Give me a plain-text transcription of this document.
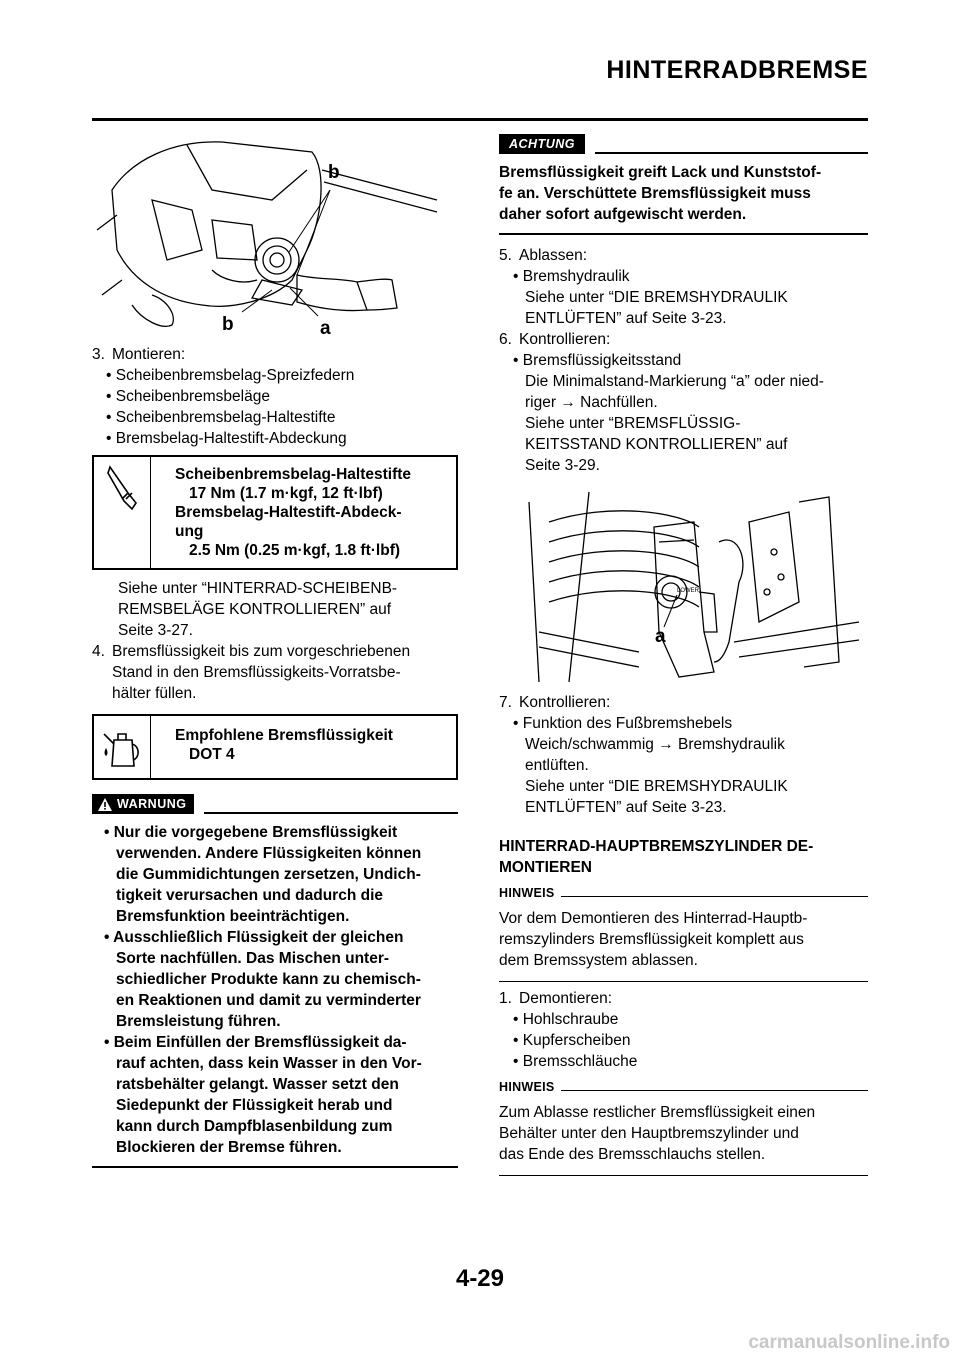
HINTERRADBREMSE
b
b	a

3. Montieren:

• Scheibenbremsbelag-Spreizfedern

• Scheibenbremsbeläge

• Scheibenbremsbelag-Haltestifte

• Bremsbelag-Haltestift-Abdeckung

Scheibenbremsbelag-Haltestifte
17 Nm (1.7 m·kgf, 12 ft·lbf)
Bremsbelag-Haltestift-Abdeck-
ung
2.5 Nm (0.25 m·kgf, 1.8 ft·lbf)

Siehe unter “HINTERRAD-SCHEIBENB-

REMSBELÄGE KONTROLLIEREN” auf

Seite 3-27.

4. Bremsflüssigkeit bis zum vorgeschriebenen

Stand in den Bremsflüssigkeits-Vorratsbe-

hälter füllen.

Empfohlene Bremsflüssigkeit
DOT 4
WARNUNG

• Nur die vorgegebene Bremsflüssigkeit
verwenden. Andere Flüssigkeiten können
die Gummidichtungen zersetzen, Undich-
tigkeit verursachen und dadurch die
Bremsfunktion beeinträchtigen.

• Ausschließlich Flüssigkeit der gleichen
Sorte nachfüllen. Das Mischen unter-
schiedlicher Produkte kann zu chemisch-
en Reaktionen und damit zu verminderter
Bremsleistung führen.

• Beim Einfüllen der Bremsflüssigkeit da-
rauf achten, dass kein Wasser in den Vor-
ratsbehälter gelangt. Wasser setzt den
Siedepunkt der Flüssigkeit herab und
kann durch Dampfblasenbildung zum
Blockieren der Bremse führen.

ACHTUNG
Bremsflüssigkeit greift Lack und Kunststof-
fe an. Verschüttete Bremsflüssigkeit muss
daher sofort aufgewischt werden.

5. Ablassen:

• Bremshydraulik

Siehe unter “DIE BREMSHYDRAULIK

ENTLÜFTEN” auf Seite 3-23.

6. Kontrollieren:

• Bremsflüssigkeitsstand

Die Minimalstand-Markierung “a” oder nied-

riger → Nachfüllen.

Siehe unter “BREMSFLÜSSIG-

KEITSSTAND KONTROLLIEREN” auf

Seite 3-29.

LOWER
a

7. Kontrollieren:

• Funktion des Fußbremshebels

Weich/schwammig → Bremshydraulik

entlüften.

Siehe unter “DIE BREMSHYDRAULIK

ENTLÜFTEN” auf Seite 3-23.

HINTERRAD-HAUPTBREMSZYLINDER DE-
MONTIEREN
HINWEIS
Vor dem Demontieren des Hinterrad-Hauptb-
remszylinders Bremsflüssigkeit komplett aus
dem Bremssystem ablassen.

1. Demontieren:

• Hohlschraube

• Kupferscheiben

• Bremsschläuche

HINWEIS
Zum Ablasse restlicher Bremsflüssigkeit einen
Behälter unter den Hauptbremszylinder und
das Ende des Bremsschlauchs stellen.
4-29
carmanualsonline.info
